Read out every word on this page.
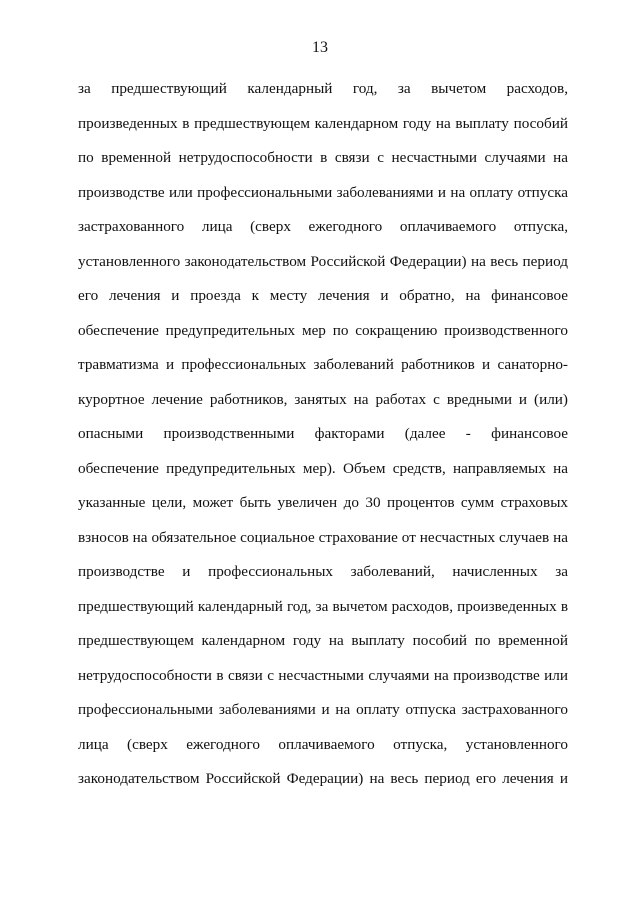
13
за предшествующий календарный год, за вычетом расходов,
произведенных в предшествующем календарном году на выплату пособий
по временной нетрудоспособности в связи с несчастными случаями на
производстве или профессиональными заболеваниями и на оплату отпуска
застрахованного лица (сверх ежегодного оплачиваемого отпуска,
установленного законодательством Российской Федерации) на весь период
его лечения и проезда к месту лечения и обратно, на финансовое
обеспечение предупредительных мер по сокращению производственного
травматизма и профессиональных заболеваний работников и санаторно-
курортное лечение работников, занятых на работах с вредными и (или)
опасными производственными факторами (далее - финансовое
обеспечение предупредительных мер). Объем средств, направляемых на
указанные цели, может быть увеличен до 30 процентов сумм страховых
взносов на обязательное социальное страхование от несчастных случаев на
производстве и профессиональных заболеваний, начисленных за
предшествующий календарный год, за вычетом расходов, произведенных в
предшествующем календарном году на выплату пособий по временной
нетрудоспособности в связи с несчастными случаями на производстве или
профессиональными заболеваниями и на оплату отпуска застрахованного
лица (сверх ежегодного оплачиваемого отпуска, установленного
законодательством Российской Федерации) на весь период его лечения и
